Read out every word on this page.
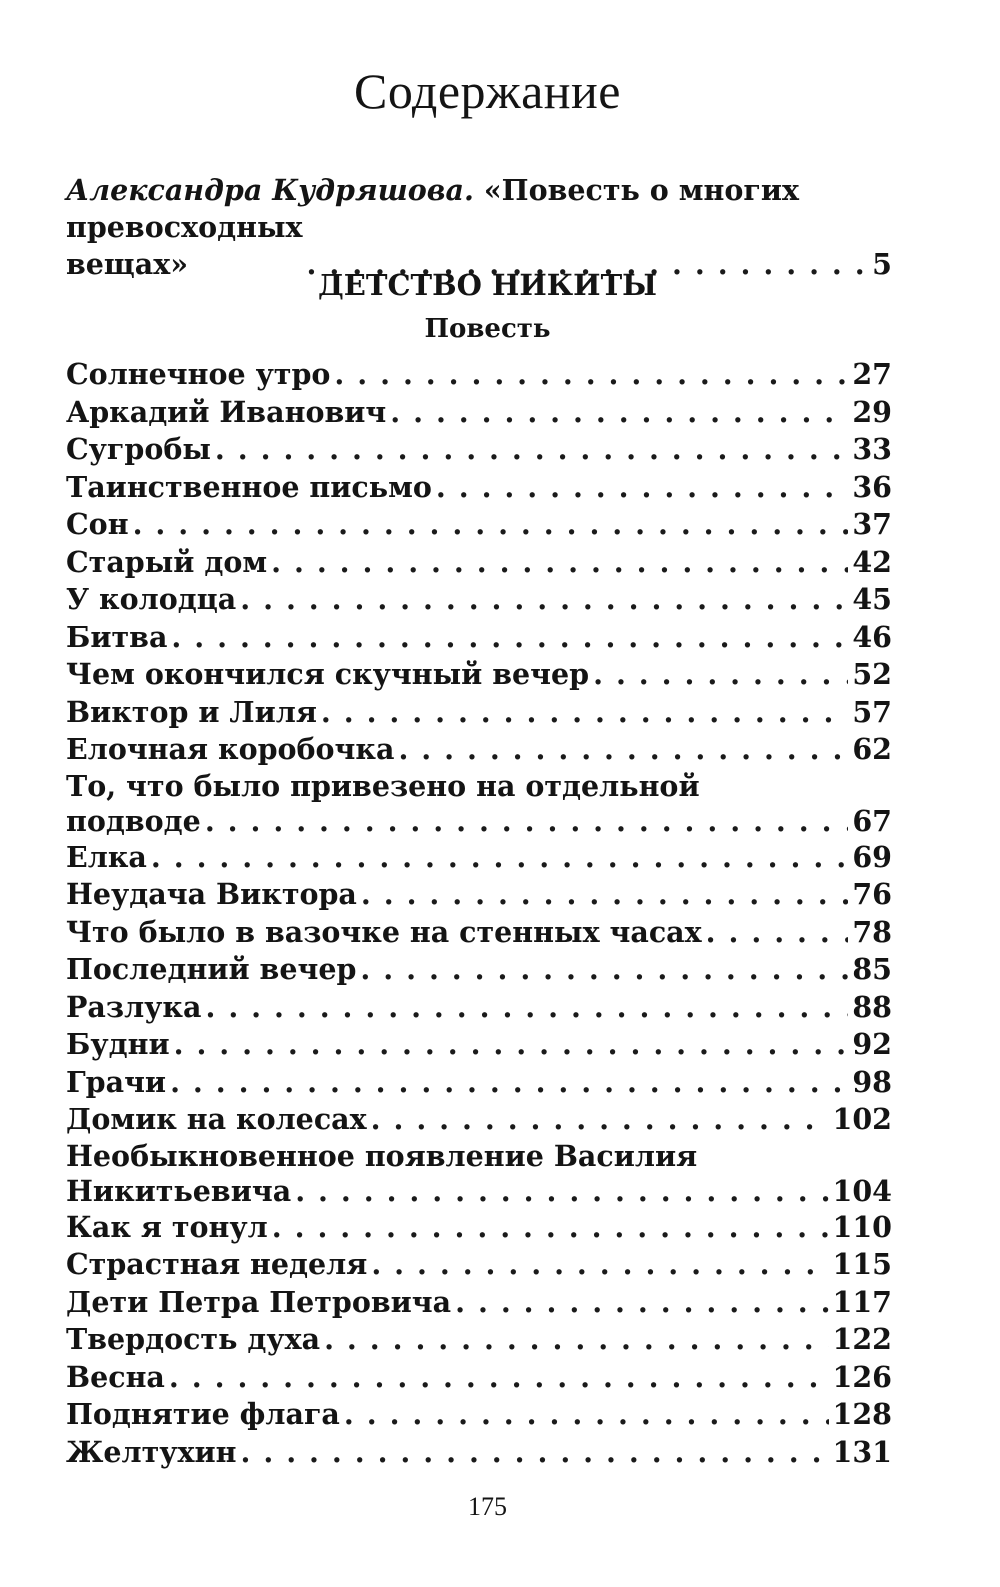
Содержание
Александра Кудряшова. «Повесть о многих
превосходных вещах» . . .	5
ДЕТСТВО НИКИТЫ
Повесть
Солнечное утро . . .	27
Аркадий Иванович . . .	29
Сугробы . . .	33
Таинственное письмо . . .	36
Сон . . .	37
Старый дом . . .	42
У колодца . . .	45
Битва . . .	46
Чем окончился скучный вечер . . .	52
Виктор и Лиля . . .	57
Елочная коробочка . . .	62
То, что было привезено на отдельной
подводе . . .	67
Елка . . .	69
Неудача Виктора . . .	76
Что было в вазочке на стенных часах . . .	78
Последний вечер . . .	85
Разлука . . .	88
Будни . . .	92
Грачи . . .	98
Домик на колесах . . .	102
Необыкновенное появление Василия
Никитьевича . . .	104
Как я тонул . . .	110
Страстная неделя . . .	115
Дети Петра Петровича . . .	117
Твердость духа . . .	122
Весна . . .	126
Поднятие флага . . .	128
Желтухин . . .	131
175
